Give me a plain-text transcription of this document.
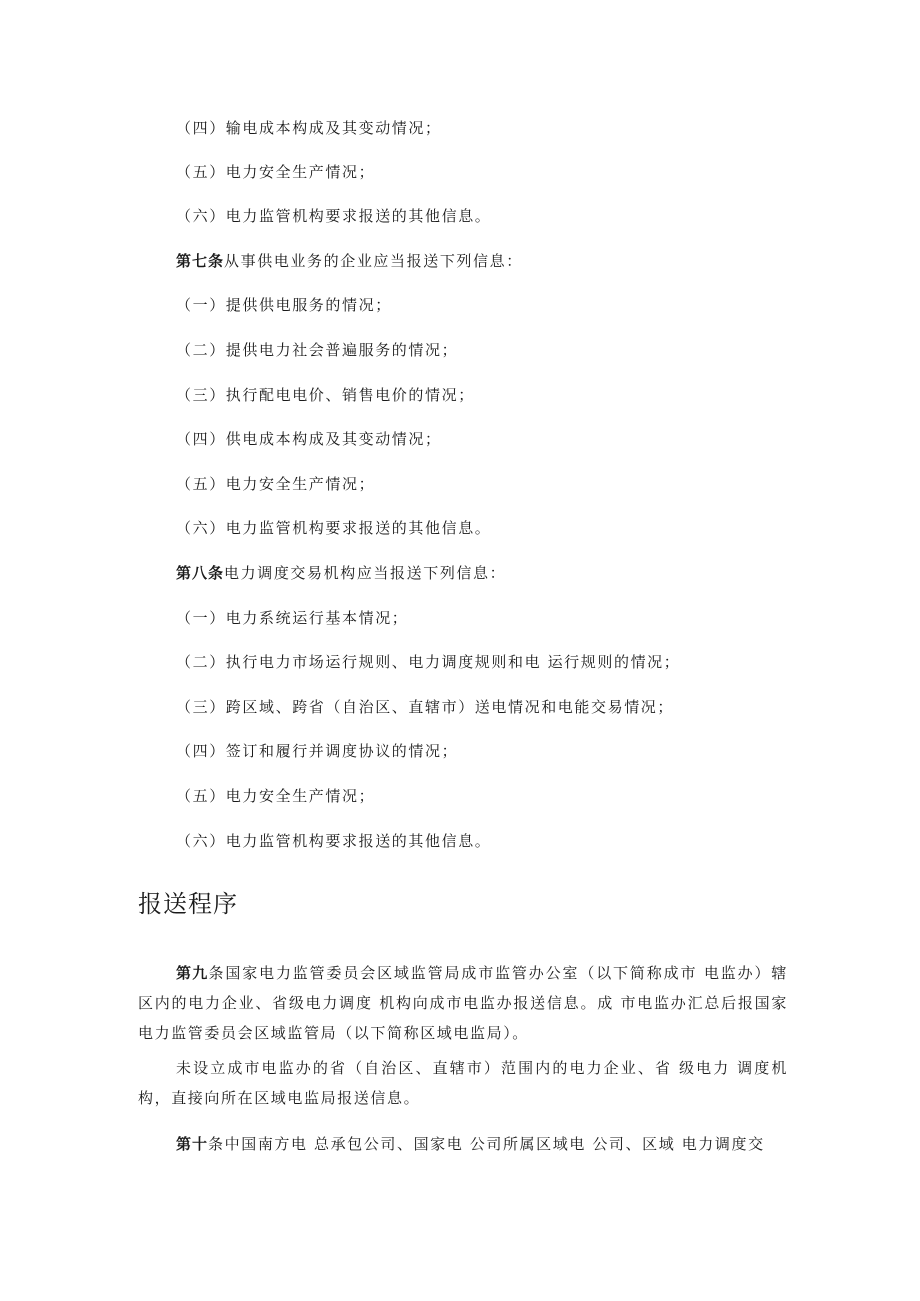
（四）输电成本构成及其变动情况；
（五）电力安全生产情况；
（六）电力监管机构要求报送的其他信息。
第七条从事供电业务的企业应当报送下列信息：
（一）提供供电服务的情况；
（二）提供电力社会普遍服务的情况；
（三）执行配电电价、销售电价的情况；
（四）供电成本构成及其变动情况；
（五）电力安全生产情况；
（六）电力监管机构要求报送的其他信息。
第八条电力调度交易机构应当报送下列信息：
（一）电力系统运行基本情况；
（二）执行电力市场运行规则、电力调度规则和电 运行规则的情况；
（三）跨区域、跨省（自治区、直辖市）送电情况和电能交易情况；
（四）签订和履行并调度协议的情况；
（五）电力安全生产情况；
（六）电力监管机构要求报送的其他信息。
报送程序
第九条国家电力监管委员会区域监管局成市监管办公室（以下简称成市 电监办）辖区内的电力企业、省级电力调度 机构向成市电监办报送信息。成 市电监办汇总后报国家电力监管委员会区域监管局（以下简称区域电监局）。
未设立成市电监办的省（自治区、直辖市）范围内的电力企业、省 级电力 调度机构，直接向所在区域电监局报送信息。
第十条中国南方电 总承包公司、国家电 公司所属区域电 公司、区域 电力调度交
